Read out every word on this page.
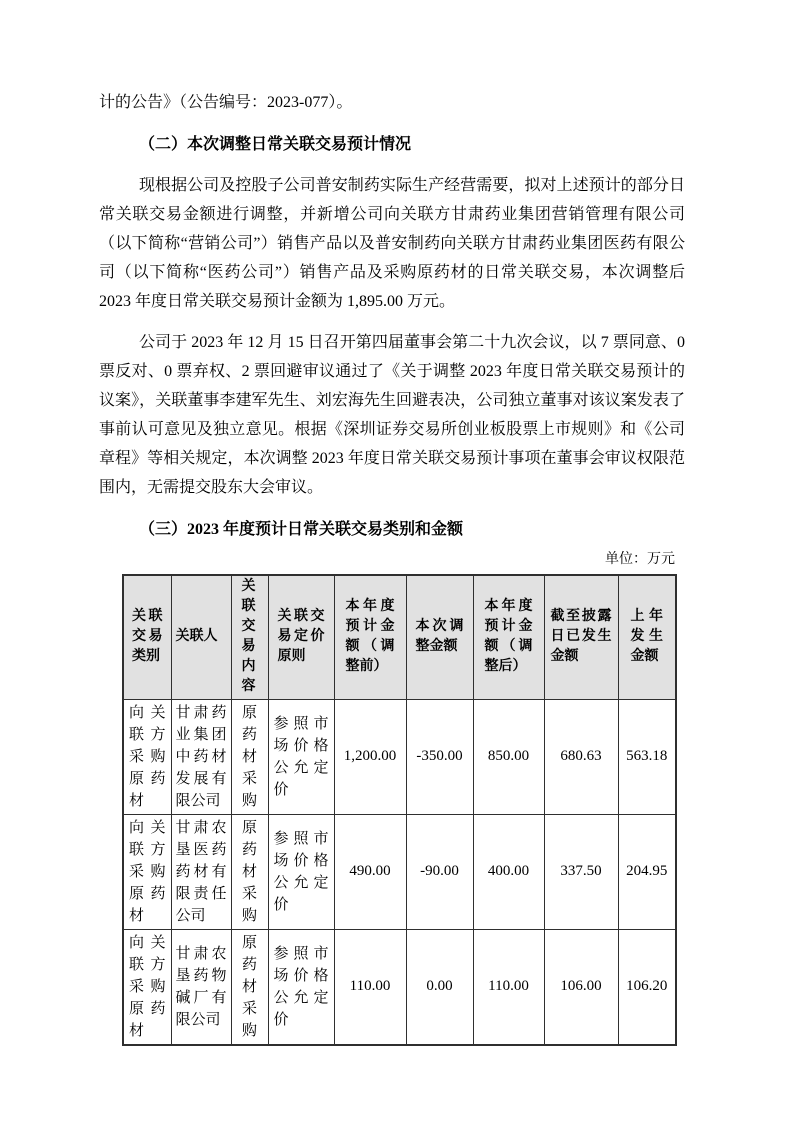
计的公告》（公告编号：2023-077）。

（二）本次调整日常关联交易预计情况

现根据公司及控股子公司普安制药实际生产经营需要，拟对上述预计的部分日常关联交易金额进行调整，并新增公司向关联方甘肃药业集团营销管理有限公司（以下简称“营销公司”）销售产品以及普安制药向关联方甘肃药业集团医药有限公司（以下简称“医药公司”）销售产品及采购原药材的日常关联交易，本次调整后 2023 年度日常关联交易预计金额为 1,895.00 万元。

公司于 2023 年 12 月 15 日召开第四届董事会第二十九次会议，以 7 票同意、0 票反对、0 票弃权、2 票回避审议通过了《关于调整 2023 年度日常关联交易预计的议案》，关联董事李建军先生、刘宏海先生回避表决，公司独立董事对该议案发表了事前认可意见及独立意见。根据《深圳证券交易所创业板股票上市规则》和《公司章程》等相关规定，本次调整 2023 年度日常关联交易预计事项在董事会审议权限范围内，无需提交股东大会审议。

（三）2023 年度预计日常关联交易类别和金额

单位：万元
关联交易类别	关联人	关联交易内容	关联交易定价原则	本年度预计金额（调整前）	本次调整金额	本年度预计金额（调整后）	截至披露日已发生金额	上年发生金额
向关联方采购原药材	甘肃药业集团中药材发展有限公司	原药材采购	参照市场价格公允定价	1,200.00	-350.00	850.00	680.63	563.18
向关联方采购原药材	甘肃农垦医药药材有限责任公司	原药材采购	参照市场价格公允定价	490.00	-90.00	400.00	337.50	204.95
向关联方采购原药材	甘肃农垦药物碱厂有限公司	原药材采购	参照市场价格公允定价	110.00	0.00	110.00	106.00	106.20
